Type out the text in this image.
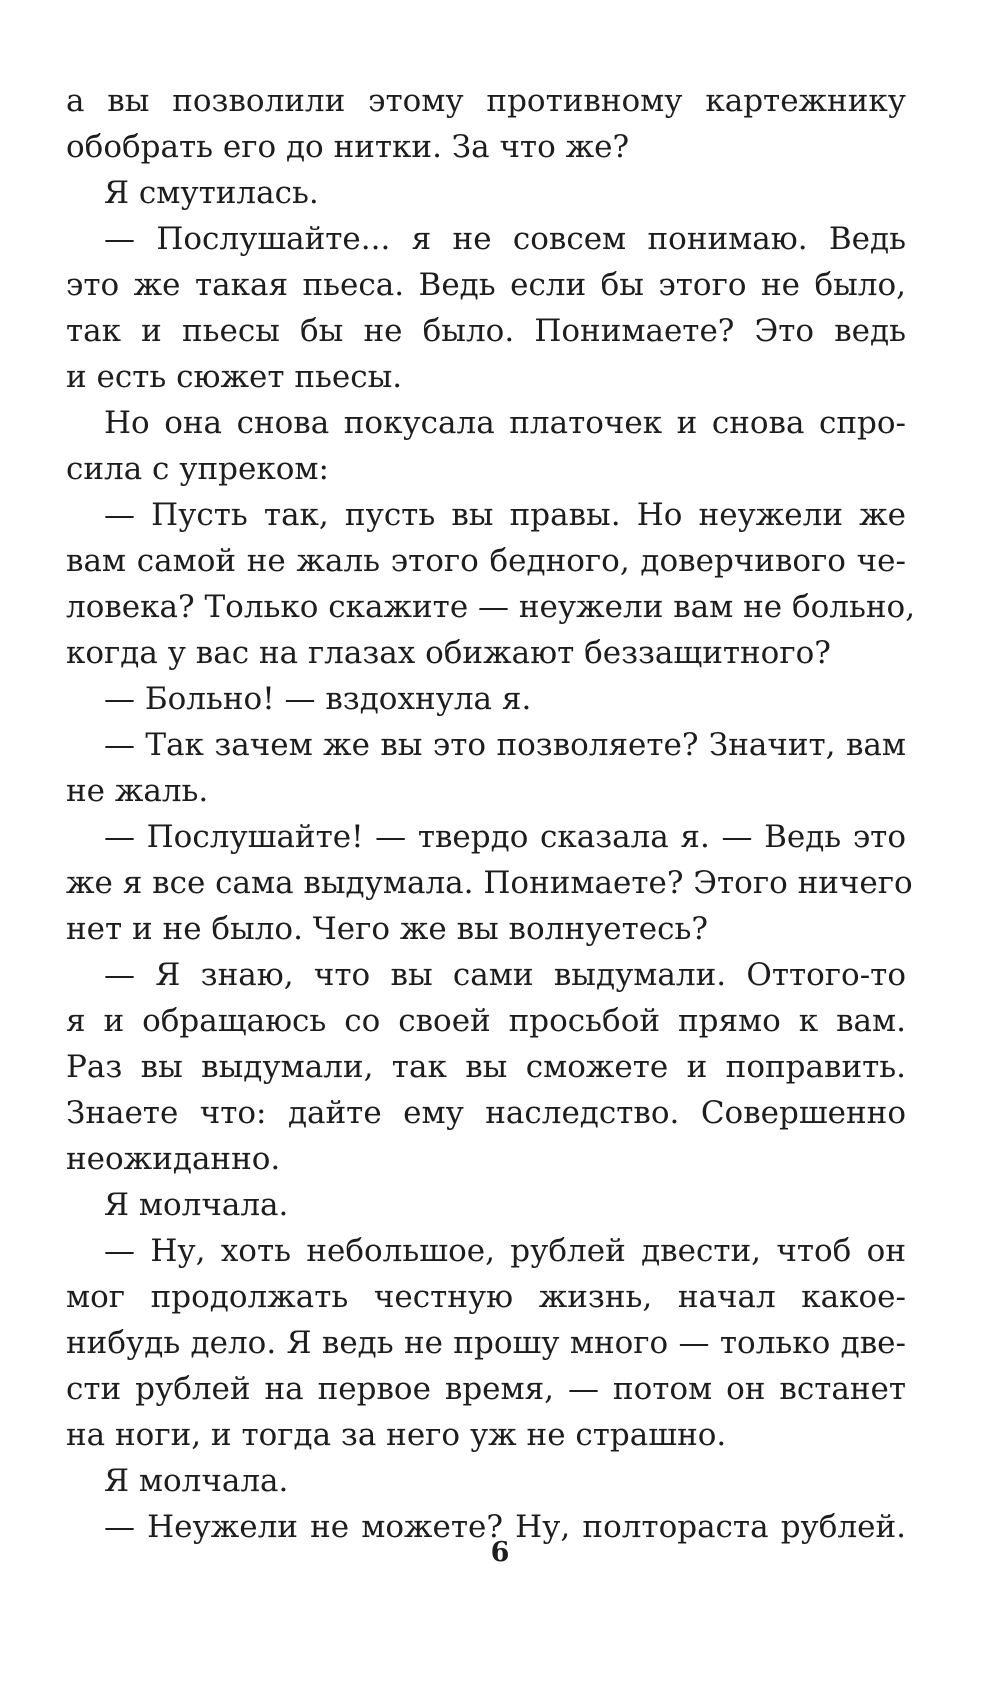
а вы позволили этому противному картежнику
обобрать его до нитки. За что же?
Я смутилась.
— Послушайте... я не совсем понимаю. Ведь
это же такая пьеса. Ведь если бы этого не было,
так и пьесы бы не было. Понимаете? Это ведь
и есть сюжет пьесы.
Но она снова покусала платочек и снова спро-
сила с упреком:
— Пусть так, пусть вы правы. Но неужели же
вам самой не жаль этого бедного, доверчивого че-
ловека? Только скажите — неужели вам не больно,
когда у вас на глазах обижают беззащитного?
— Больно! — вздохнула я.
— Так зачем же вы это позволяете? Значит, вам
не жаль.
— Послушайте! — твердо сказала я. — Ведь это
же я все сама выдумала. Понимаете? Этого ничего
нет и не было. Чего же вы волнуетесь?
— Я знаю, что вы сами выдумали. Оттого-то
я и обращаюсь со своей просьбой прямо к вам.
Раз вы выдумали, так вы сможете и поправить.
Знаете что: дайте ему наследство. Совершенно
неожиданно.
Я молчала.
— Ну, хоть небольшое, рублей двести, чтоб он
мог продолжать честную жизнь, начал какое-
нибудь дело. Я ведь не прошу много — только две-
сти рублей на первое время, — потом он встанет
на ноги, и тогда за него уж не страшно.
Я молчала.
— Неужели не можете? Ну, полтораста рублей.
6
